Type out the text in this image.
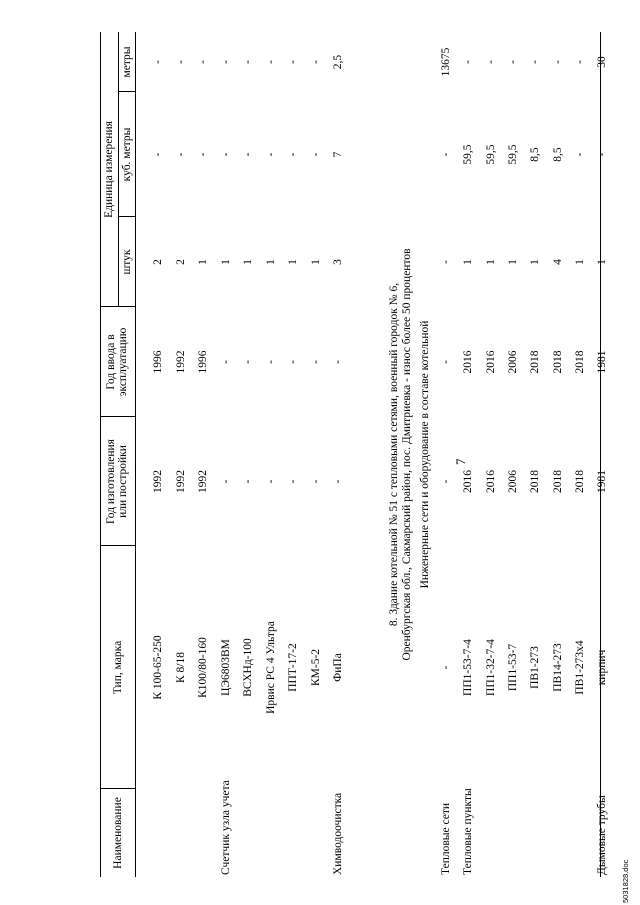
7
5031828.doc
Наименование
Тип, марка
Год изготовления или постройки
Год ввода в эксплуатацию
Единица измерения
штук
куб. метры
метры
К 100-65-250
1992
1996
2
-
-
К 8/18
1992
1992
2
-
-
К100/80-160
1992
1996
1
-
-
Счетчик узла учета
ЦЭ6803ВМ
-
-
1
-
-
ВСХНд-100
-
-
1
-
-
Ирвис РС 4 Ультра
-
-
1
-
-
ППТ-17-2
-
-
1
-
-
КМ-5-2
-
-
1
-
-
Химводоочистка
ФиПа
-
-
3
7
2,5
8. Здание котельной № 51 с тепловыми сетями, военный городок № 6, Оренбургская обл., Сакмарский район, пос. Дмитриевка - износ более 50 процентов Инженерные сети и оборудование в составе котельной
Тепловые сети
-
-
-
-
-
13675
Тепловые пункты
ПП1-53-7-4
2016
2016
1
59,5
-
ПП1-32-7-4
2016
2016
1
59,5
-
ПП1-53-7
2006
2006
1
59,5
-
ПВ1-273
2018
2018
1
8,5
-
ПВ14-273
2018
2018
4
8,5
-
ПВ1-273х4
2018
2018
1
-
-
Дымовые трубы
кирпич
1981
1981
1
-
30
